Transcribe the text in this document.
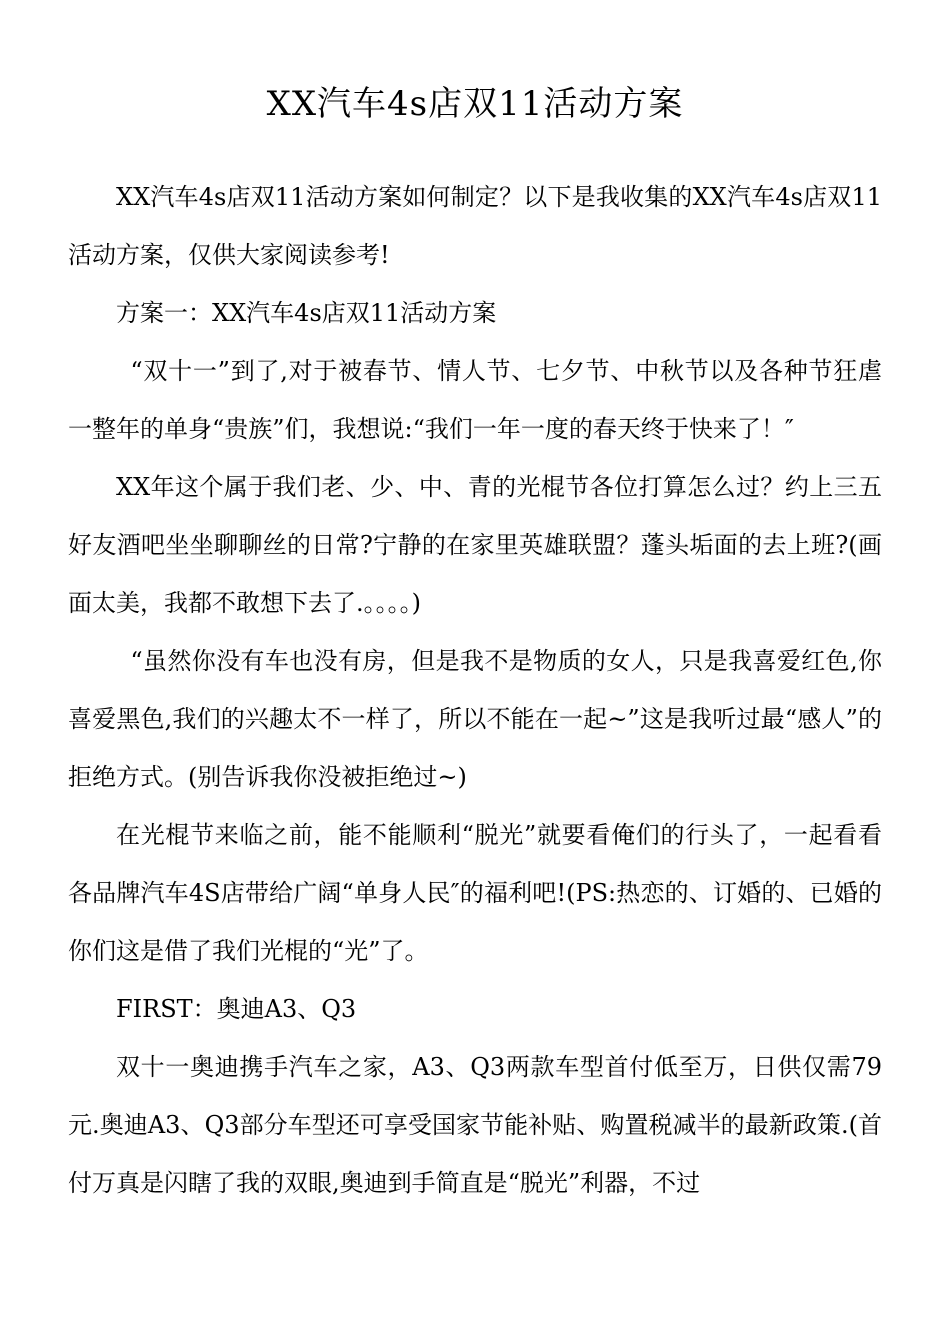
XX汽车4s店双11活动方案

XX汽车4s店双11活动方案如何制定？以下是我收集的XX汽车4s店双11活动方案，仅供大家阅读参考!

方案一：XX汽车4s店双11活动方案

“双十一”到了,对于被春节、情人节、七夕节、中秋节以及各种节狂虐一整年的单身“贵族”们，我想说:“我们一年一度的春天终于快来了！″

XX年这个属于我们老、少、中、青的光棍节各位打算怎么过？约上三五好友酒吧坐坐聊聊丝的日常?宁静的在家里英雄联盟？蓬头垢面的去上班?(画面太美，我都不敢想下去了.。。。。)

“虽然你没有车也没有房，但是我不是物质的女人，只是我喜爱红色,你喜爱黑色,我们的兴趣太不一样了，所以不能在一起~”这是我听过最“感人”的拒绝方式。(别告诉我你没被拒绝过~)

在光棍节来临之前，能不能顺利“脱光”就要看俺们的行头了，一起看看各品牌汽车4S店带给广阔“单身人民″的福利吧!(PS:热恋的、订婚的、已婚的你们这是借了我们光棍的“光”了。

FIRST：奥迪A3、Q3

双十一奥迪携手汽车之家，A3、Q3两款车型首付低至万，日供仅需79元.奥迪A3、Q3部分车型还可享受国家节能补贴、购置税减半的最新政策.(首付万真是闪瞎了我的双眼,奥迪到手简直是“脱光”利器，不过
